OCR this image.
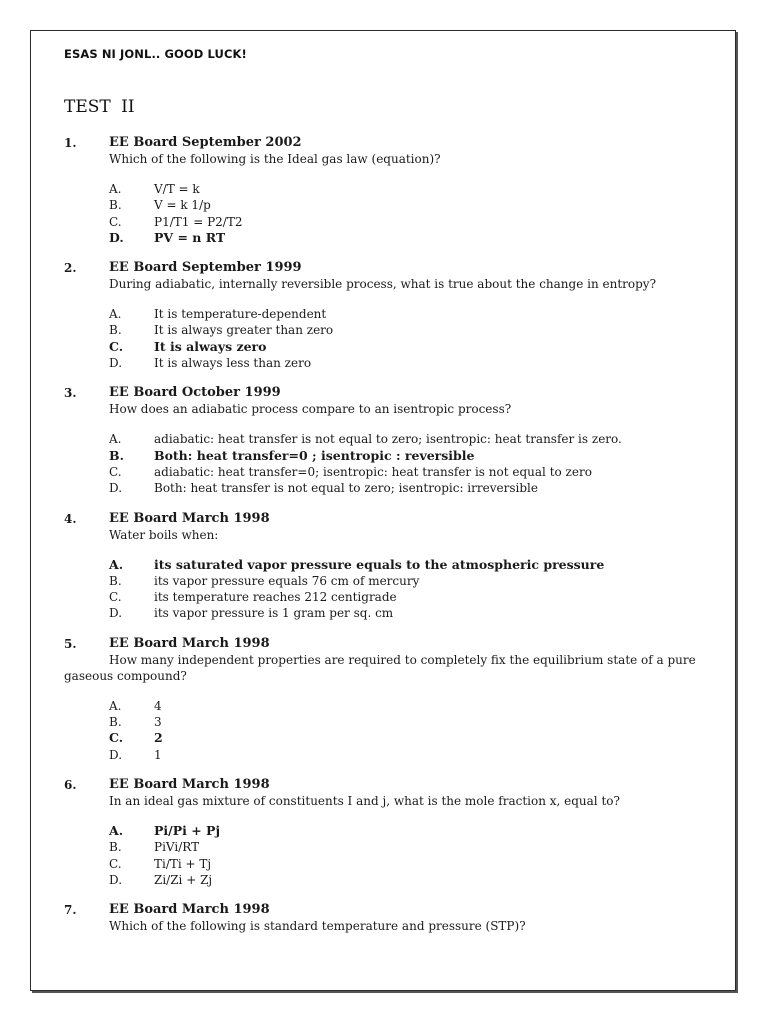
ESAS NI JONL.. GOOD LUCK!
TEST II
1.	EE Board September 2002
Which of the following is the Ideal gas law (equation)?
A.	V/T = k
B.	V = k 1/p
C.	P1/T1 = P2/T2
D. PV = n RT
2.	EE Board September 1999
During adiabatic, internally reversible process, what is true about the change in entropy?
A.	It is temperature-dependent
B.	It is always greater than zero
C. It is always zero
D.	It is always less than zero
3.	EE Board October 1999
How does an adiabatic process compare to an isentropic process?
A.	adiabatic: heat transfer is not equal to zero; isentropic: heat transfer is zero.
B. Both: heat transfer=0 ; isentropic : reversible
C.	adiabatic: heat transfer=0; isentropic: heat transfer is not equal to zero
D.	Both: heat transfer is not equal to zero; isentropic: irreversible
4.	EE Board March 1998
Water boils when:
A. its saturated vapor pressure equals to the atmospheric pressure
B.	its vapor pressure equals 76 cm of mercury
C.	its temperature reaches 212 centigrade
D.	its vapor pressure is 1 gram per sq. cm
5.	EE Board March 1998
How many independent properties are required to completely fix the equilibrium state of a pure gaseous compound?
A.	4
B.	3
C. 2
D.	1
6.	EE Board March 1998
In an ideal gas mixture of constituents I and j, what is the mole fraction x, equal to?
A. Pi/Pi + Pj
B.	PiVi/RT
C.	Ti/Ti + Tj
D.	Zi/Zi + Zj
7.	EE Board March 1998
Which of the following is standard temperature and pressure (STP)?
